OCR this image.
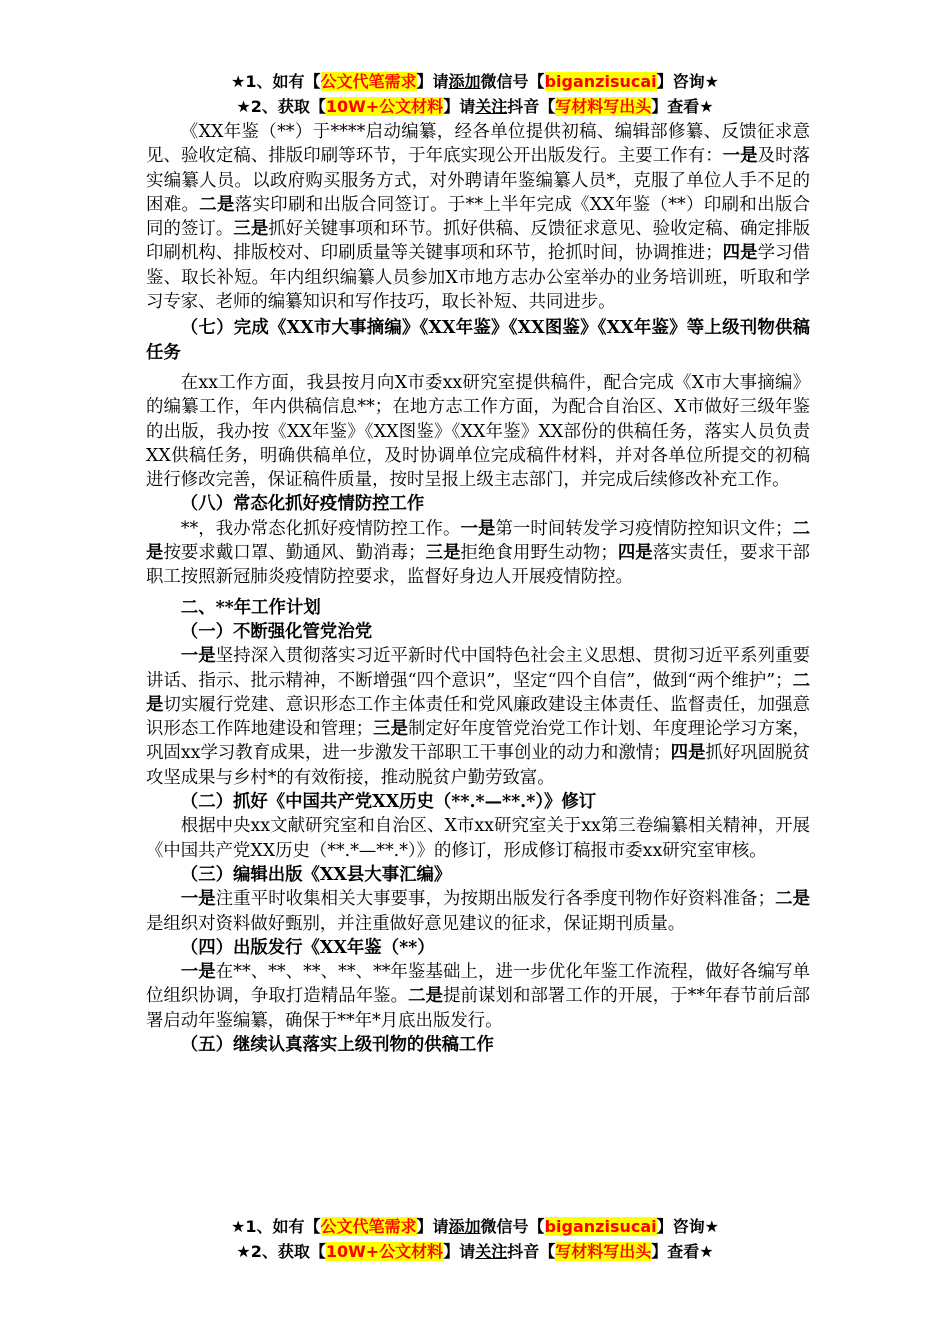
★1、如有【公文代笔需求】请添加微信号【biganzisucai】咨询★
★2、获取【10W+公文材料】请关注抖音【写材料写出头】查看★

《XX年鉴（**）于****启动编纂，经各单位提供初稿、编辑部修纂、反馈征求意见、验收定稿、排版印刷等环节，于年底实现公开出版发行。主要工作有：一是及时落实编纂人员。以政府购买服务方式，对外聘请年鉴编纂人员*，克服了单位人手不足的困难。二是落实印刷和出版合同签订。于**上半年完成《XX年鉴（**）印刷和出版合同的签订。三是抓好关键事项和环节。抓好供稿、反馈征求意见、验收定稿、确定排版印刷机构、排版校对、印刷质量等关键事项和环节，抢抓时间，协调推进；四是学习借鉴、取长补短。年内组织编纂人员参加X市地方志办公室举办的业务培训班，听取和学习专家、老师的编纂知识和写作技巧，取长补短、共同进步。

（七）完成《XX市大事摘编》《XX年鉴》《XX图鉴》《XX年鉴》等上级刊物供稿任务

在xx工作方面，我县按月向X市委xx研究室提供稿件，配合完成《X市大事摘编》的编纂工作，年内供稿信息**；在地方志工作方面，为配合自治区、X市做好三级年鉴的出版，我办按《XX年鉴》《XX图鉴》《XX年鉴》XX部份的供稿任务，落实人员负责XX供稿任务，明确供稿单位，及时协调单位完成稿件材料，并对各单位所提交的初稿进行修改完善，保证稿件质量，按时呈报上级主志部门，并完成后续修改补充工作。

（八）常态化抓好疫情防控工作

**，我办常态化抓好疫情防控工作。一是第一时间转发学习疫情防控知识文件；二是按要求戴口罩、勤通风、勤消毒；三是拒绝食用野生动物；四是落实责任，要求干部职工按照新冠肺炎疫情防控要求，监督好身边人开展疫情防控。

二、**年工作计划

（一）不断强化管党治党

一是坚持深入贯彻落实习近平新时代中国特色社会主义思想、贯彻习近平系列重要讲话、指示、批示精神，不断增强“四个意识”，坚定“四个自信”，做到“两个维护”；二是切实履行党建、意识形态工作主体责任和党风廉政建设主体责任、监督责任，加强意识形态工作阵地建设和管理；三是制定好年度管党治党工作计划、年度理论学习方案，巩固xx学习教育成果，进一步激发干部职工干事创业的动力和激情；四是抓好巩固脱贫攻坚成果与乡村*的有效衔接，推动脱贫户勤劳致富。

（二）抓好《中国共产党XX历史（**.*—**.*）》修订

根据中央xx文献研究室和自治区、X市xx研究室关于xx第三卷编纂相关精神，开展《中国共产党XX历史（**.*—**.*）》的修订，形成修订稿报市委xx研究室审核。

（三）编辑出版《XX县大事汇编》

一是注重平时收集相关大事要事，为按期出版发行各季度刊物作好资料准备；二是是组织对资料做好甄别，并注重做好意见建议的征求，保证期刊质量。

（四）出版发行《XX年鉴（**）

一是在**、**、**、**、**年鉴基础上，进一步优化年鉴工作流程，做好各编写单位组织协调，争取打造精品年鉴。二是提前谋划和部署工作的开展，于**年春节前后部署启动年鉴编纂，确保于**年*月底出版发行。

（五）继续认真落实上级刊物的供稿工作

★1、如有【公文代笔需求】请添加微信号【biganzisucai】咨询★
★2、获取【10W+公文材料】请关注抖音【写材料写出头】查看★
